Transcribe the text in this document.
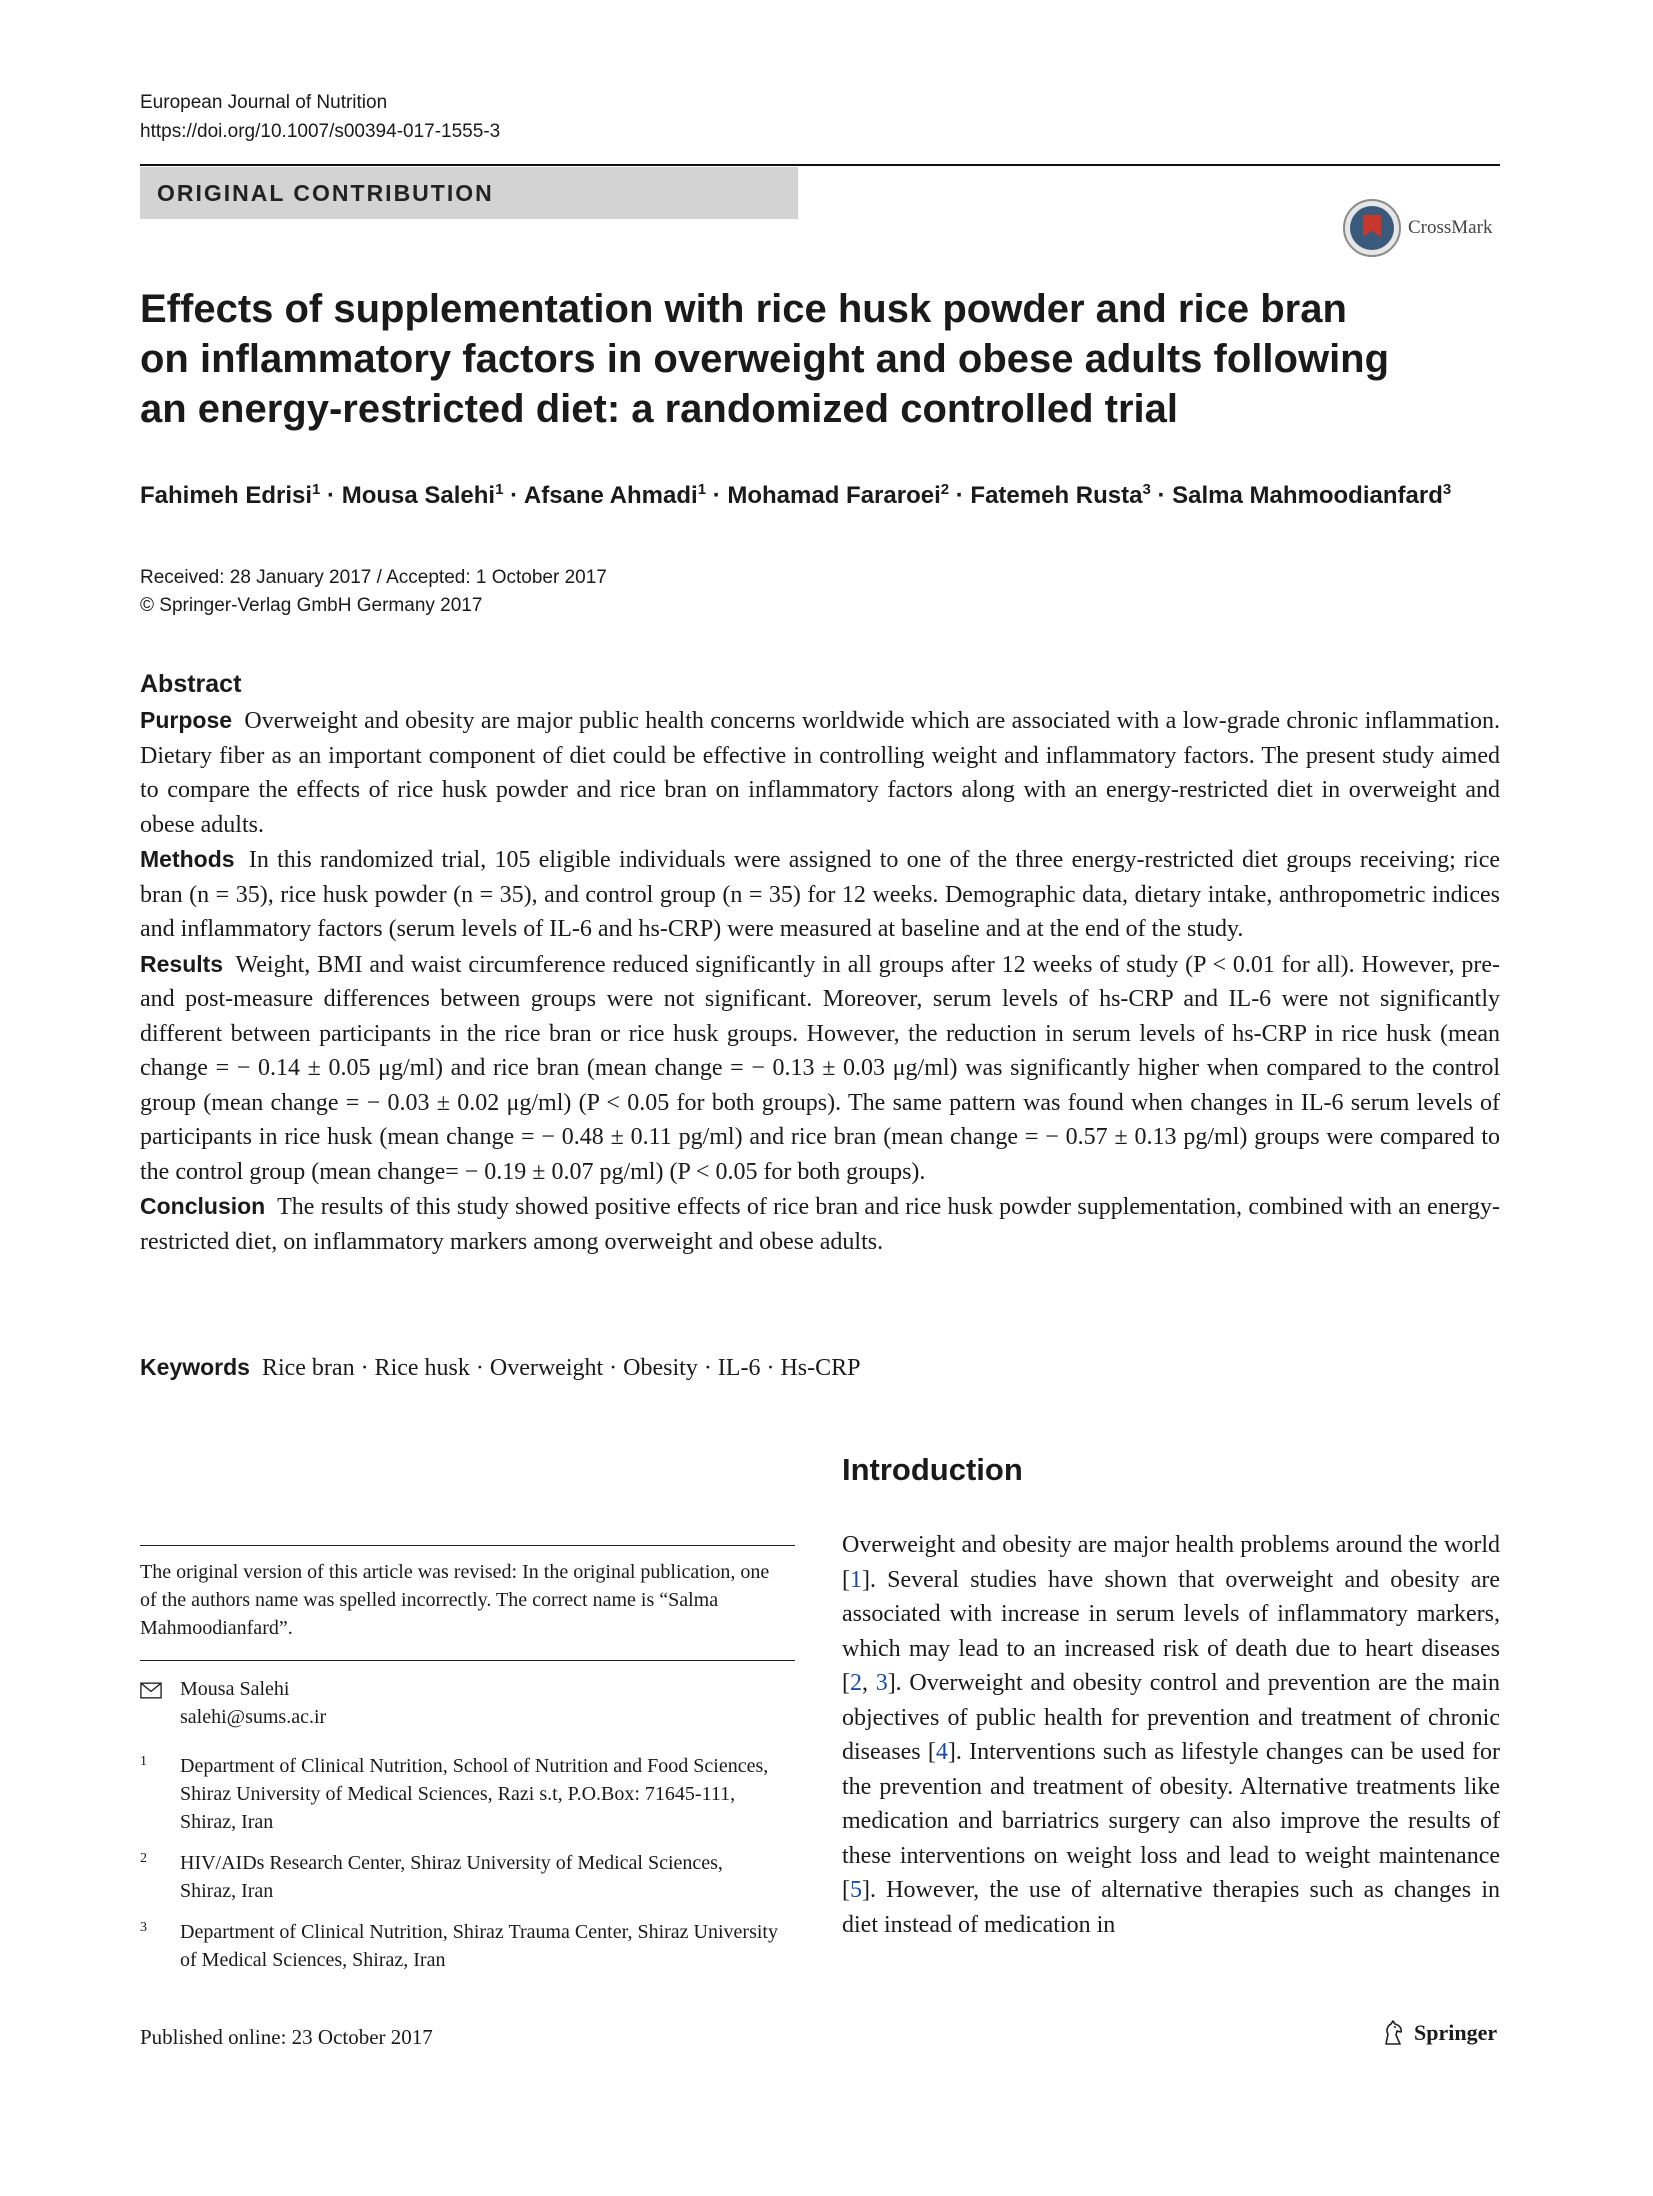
European Journal of Nutrition
https://doi.org/10.1007/s00394-017-1555-3
ORIGINAL CONTRIBUTION
CrossMark
Effects of supplementation with rice husk powder and rice bran on inflammatory factors in overweight and obese adults following an energy-restricted diet: a randomized controlled trial
Fahimeh Edrisi$^1$ · Mousa Salehi$^1$ · Afsane Ahmadi$^1$ · Mohamad Fararoei$^2$ · Fatemeh Rusta$^3$ · Salma Mahmoodianfard$^3$
Received: 28 January 2017 / Accepted: 1 October 2017
© Springer-Verlag GmbH Germany 2017
Abstract

Purpose Overweight and obesity are major public health concerns worldwide which are associated with a low-grade chronic inflammation. Dietary fiber as an important component of diet could be effective in controlling weight and inflammatory factors. The present study aimed to compare the effects of rice husk powder and rice bran on inflammatory factors along with an energy-restricted diet in overweight and obese adults.

Methods In this randomized trial, 105 eligible individuals were assigned to one of the three energy-restricted diet groups receiving; rice bran (n = 35), rice husk powder (n = 35), and control group (n = 35) for 12 weeks. Demographic data, dietary intake, anthropometric indices and inflammatory factors (serum levels of IL-6 and hs-CRP) were measured at baseline and at the end of the study.

Results Weight, BMI and waist circumference reduced significantly in all groups after 12 weeks of study (P < 0.01 for all). However, pre- and post-measure differences between groups were not significant. Moreover, serum levels of hs-CRP and IL-6 were not significantly different between participants in the rice bran or rice husk groups. However, the reduction in serum levels of hs-CRP in rice husk (mean change = − 0.14 ± 0.05 μg/ml) and rice bran (mean change = − 0.13 ± 0.03 μg/ml) was significantly higher when compared to the control group (mean change = − 0.03 ± 0.02 μg/ml) (P < 0.05 for both groups). The same pattern was found when changes in IL-6 serum levels of participants in rice husk (mean change = − 0.48 ± 0.11 pg/ml) and rice bran (mean change = − 0.57 ± 0.13 pg/ml) groups were compared to the control group (mean change= − 0.19 ± 0.07 pg/ml) (P < 0.05 for both groups).

Conclusion The results of this study showed positive effects of rice bran and rice husk powder supplementation, combined with an energy-restricted diet, on inflammatory markers among overweight and obese adults.

Keywords Rice bran · Rice husk · Overweight · Obesity · IL-6 · Hs-CRP
The original version of this article was revised: In the original publication, one of the authors name was spelled incorrectly. The correct name is “Salma Mahmoodianfard”.
Mousa Salehi
salehi@sums.ac.ir
1 Department of Clinical Nutrition, School of Nutrition and Food Sciences, Shiraz University of Medical Sciences, Razi s.t, P.O.Box: 71645-111, Shiraz, Iran
2 HIV/AIDs Research Center, Shiraz University of Medical Sciences, Shiraz, Iran
3 Department of Clinical Nutrition, Shiraz Trauma Center, Shiraz University of Medical Sciences, Shiraz, Iran
Introduction

Overweight and obesity are major health problems around the world [1]. Several studies have shown that overweight and obesity are associated with increase in serum levels of inflammatory markers, which may lead to an increased risk of death due to heart diseases [2, 3]. Overweight and obesity control and prevention are the main objectives of public health for prevention and treatment of chronic diseases [4]. Interventions such as lifestyle changes can be used for the prevention and treatment of obesity. Alternative treatments like medication and barriatrics surgery can also improve the results of these interventions on weight loss and lead to weight maintenance [5]. However, the use of alternative therapies such as changes in diet instead of medication in

Published online: 23 October 2017	Springer
